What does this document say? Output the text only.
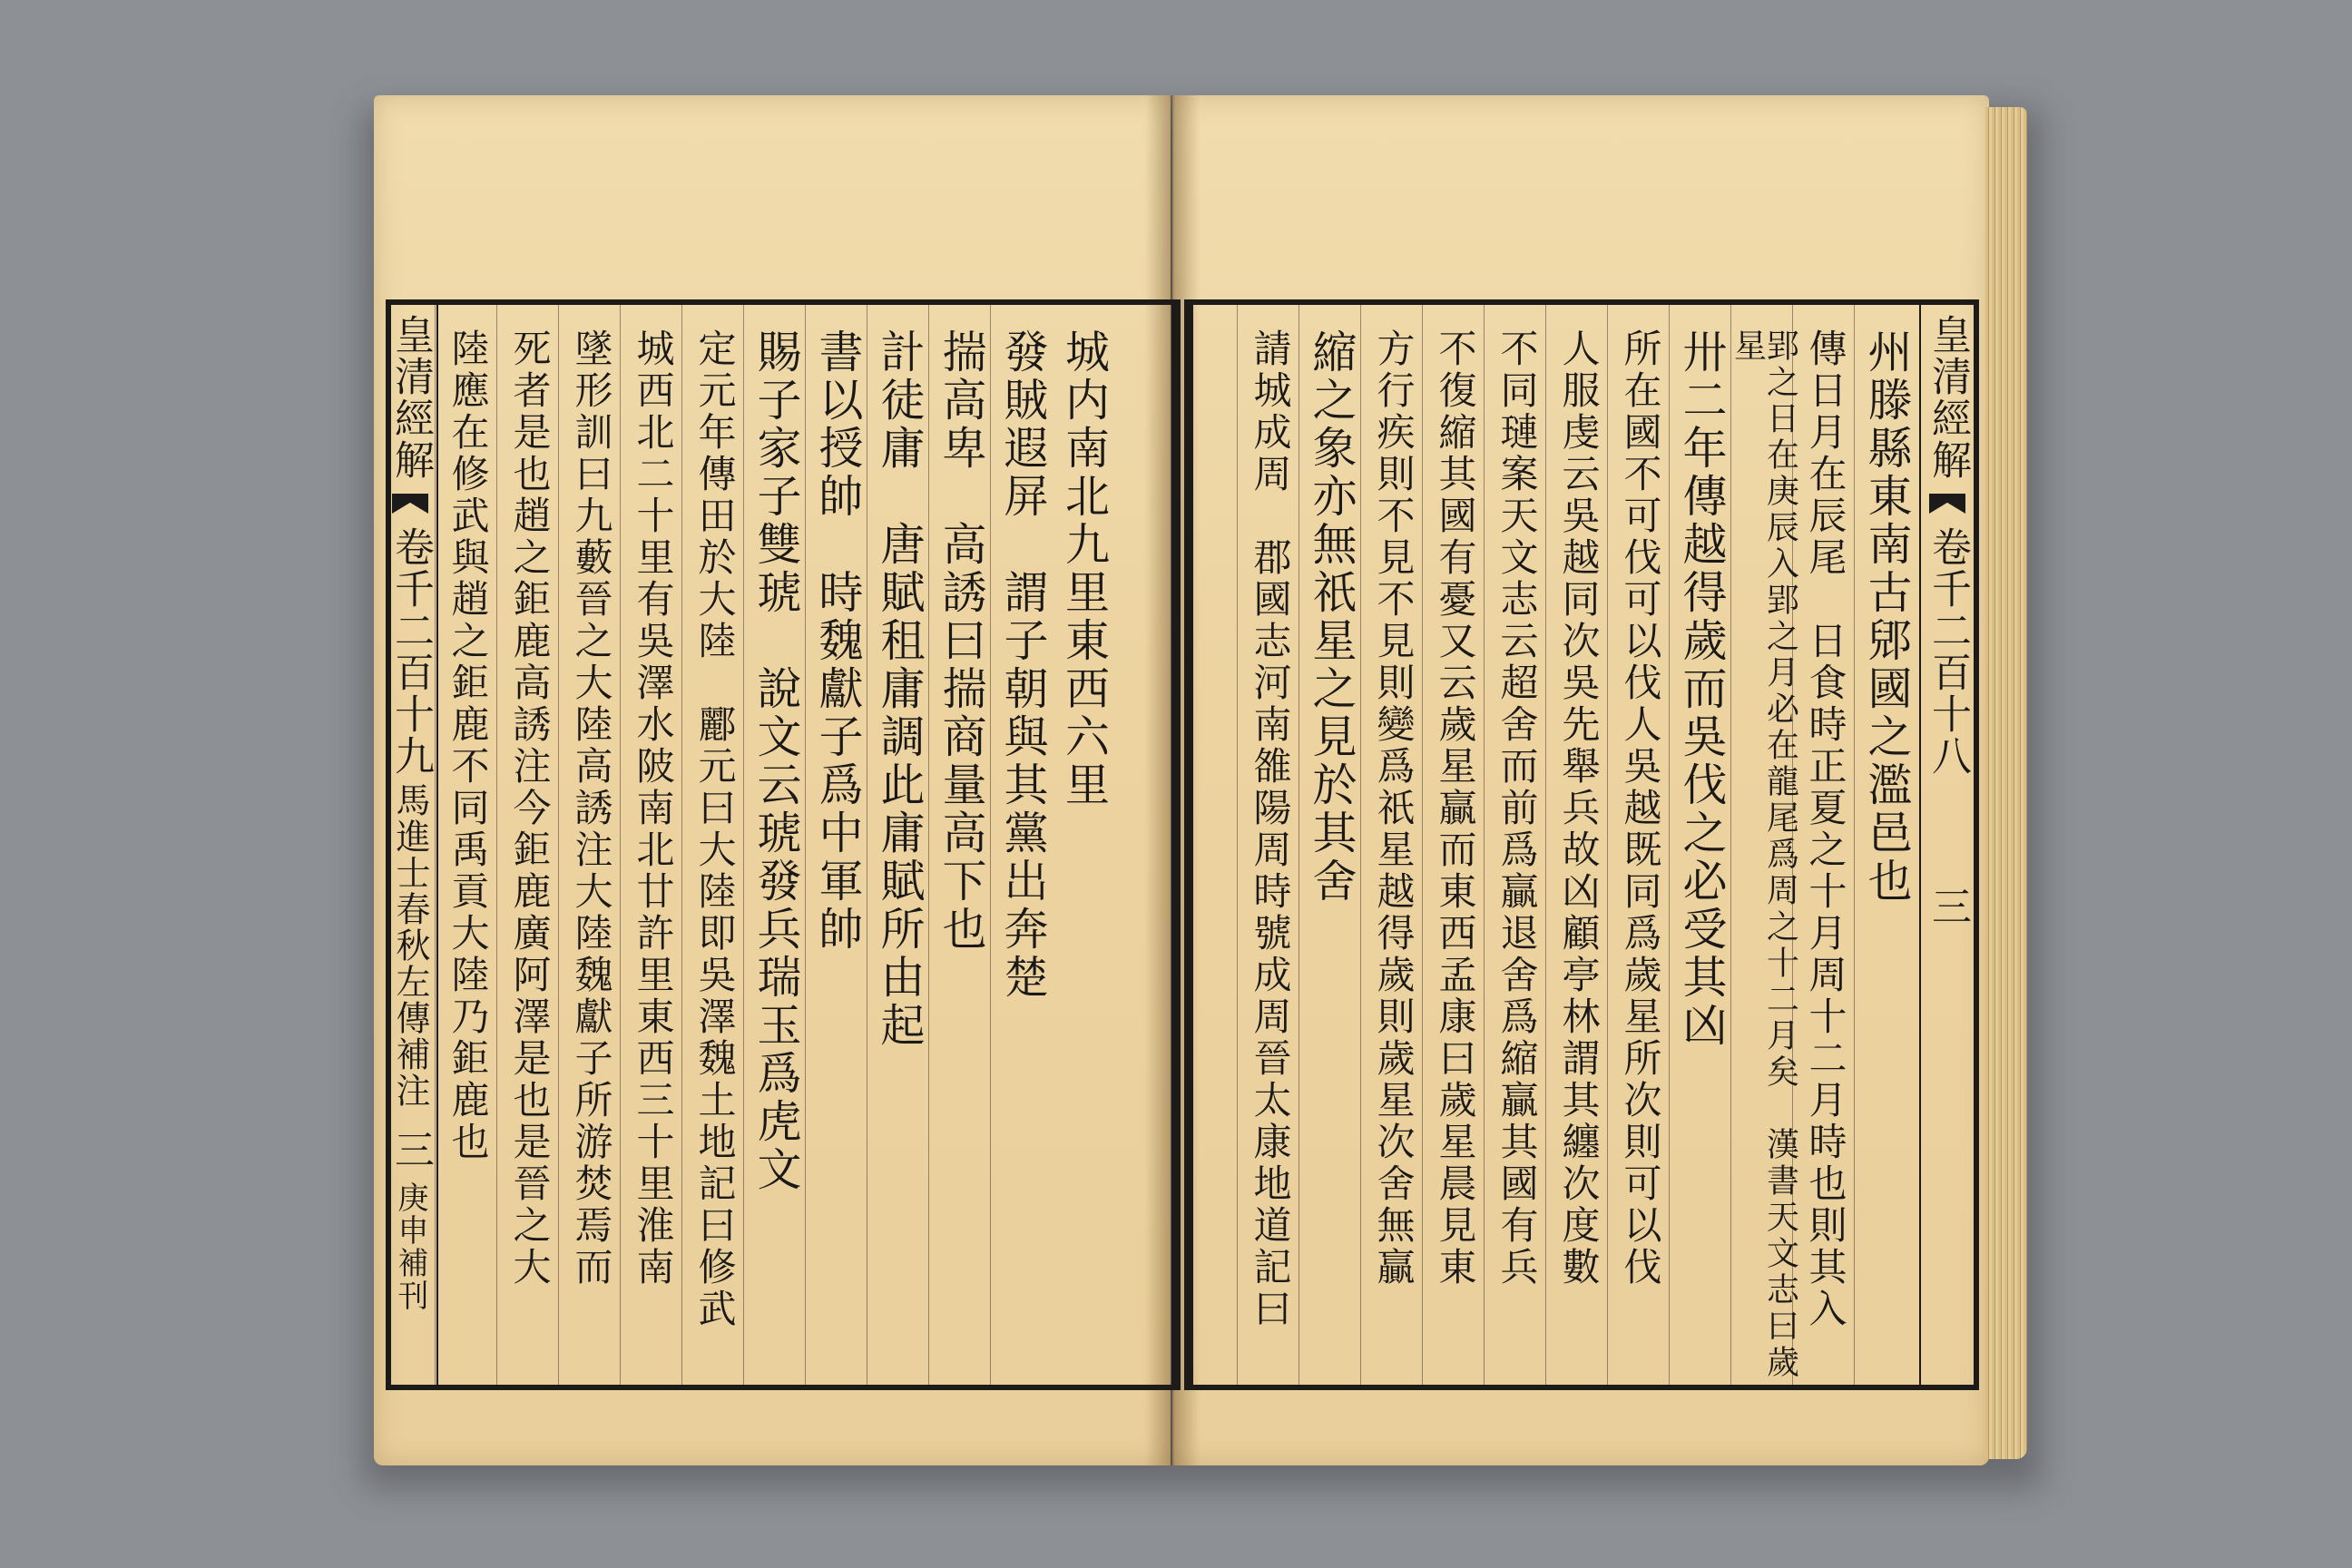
城内南北九里東西六里
發賊遐屏　謂子朝與其黨出奔楚
揣高卑　高誘曰揣商量高下也
計徒庸　唐賦租庸調此庸賦所由起
書以授帥　時魏獻子爲中軍帥
賜子家子雙琥　說文云琥發兵瑞玉爲虎文
定元年傳田於大陸　酈元曰大陸即吳澤魏土地記曰修武
城西北二十里有吳澤水陂南北廿許里東西三十里淮南
墜形訓曰九藪晉之大陸高誘注大陸魏獻子所游焚焉而
死者是也趙之鉅鹿高誘注今鉅鹿廣阿澤是也是晉之大
陸應在修武與趙之鉅鹿不同禹貢大陸乃鉅鹿也
皇清經解
卷千二百十九
馬進士春秋左傳補注
三
庚申補刊
皇清經解
卷千二百十八
三
州滕縣東南古郳國之濫邑也
傳日月在辰尾　日食時正夏之十月周十二月時也則其入
郢之日在庚辰入郢之月必在龍尾爲周之十二月矣　漢書天文志曰歲星
卅二年傳越得歲而吳伐之必受其凶
所在國不可伐可以伐人吳越既同爲歲星所次則可以伐
人服虔云吳越同次吳先舉兵故凶顧亭林謂其纏次度數
不同璉案天文志云超舍而前爲贏退舍爲縮贏其國有兵
不復縮其國有憂又云歲星贏而東西孟康曰歲星晨見東
方行疾則不見不見則變爲祇星越得歲則歲星次舍無贏
縮之象亦無祇星之見於其舍
請城成周　郡國志河南雒陽周時號成周晉太康地道記曰
